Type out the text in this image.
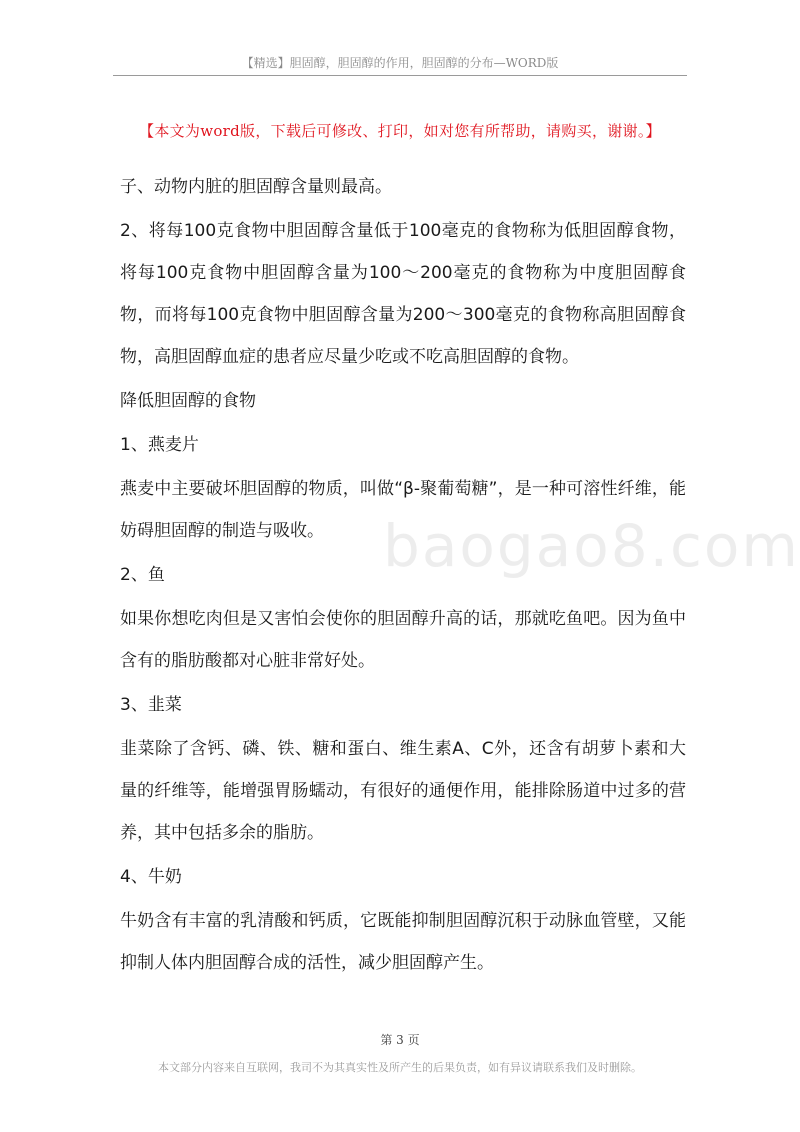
【精选】胆固醇，胆固醇的作用，胆固醇的分布—WORD版
【本文为word版，下载后可修改、打印，如对您有所帮助，请购买，谢谢。】

子、动物内脏的胆固醇含量则最高。

2、将每100克食物中胆固醇含量低于100毫克的食物称为低胆固醇食物，将每100克食物中胆固醇含量为100～200毫克的食物称为中度胆固醇食物，而将每100克食物中胆固醇含量为200～300毫克的食物称高胆固醇食物，高胆固醇血症的患者应尽量少吃或不吃高胆固醇的食物。

降低胆固醇的食物

1、燕麦片

燕麦中主要破坏胆固醇的物质，叫做“β-聚葡萄糖”，是一种可溶性纤维，能妨碍胆固醇的制造与吸收。

2、鱼

如果你想吃肉但是又害怕会使你的胆固醇升高的话，那就吃鱼吧。因为鱼中含有的脂肪酸都对心脏非常好处。

3、韭菜

韭菜除了含钙、磷、铁、糖和蛋白、维生素A、C外，还含有胡萝卜素和大量的纤维等，能增强胃肠蠕动，有很好的通便作用，能排除肠道中过多的营养，其中包括多余的脂肪。

4、牛奶

牛奶含有丰富的乳清酸和钙质，它既能抑制胆固醇沉积于动脉血管壁，又能抑制人体内胆固醇合成的活性，减少胆固醇产生。

baogao8.com
第 3 页
本文部分内容来自互联网，我司不为其真实性及所产生的后果负责，如有异议请联系我们及时删除。
